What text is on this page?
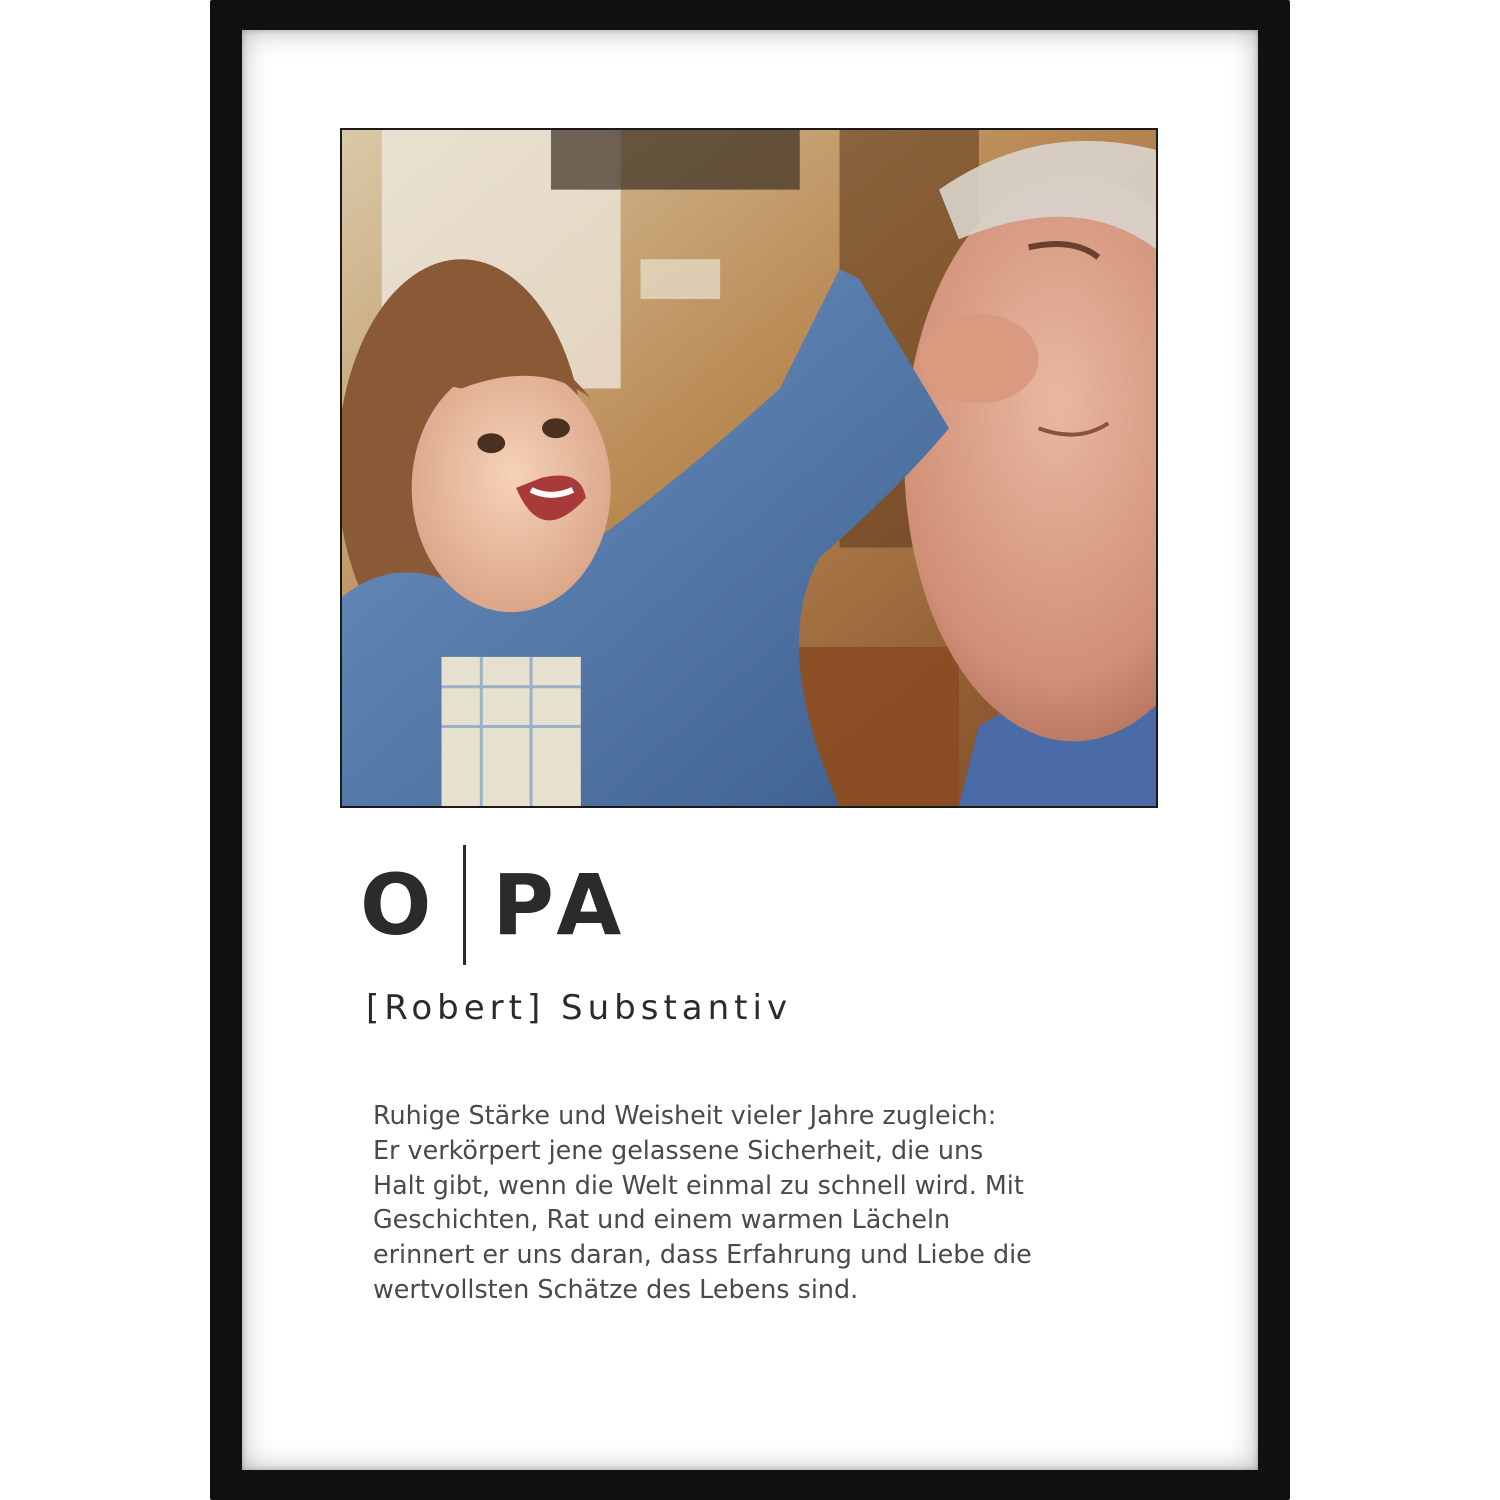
O PA
[Robert] Substantiv
Ruhige Stärke und Weisheit vieler Jahre zugleich:
Er verkörpert jene gelassene Sicherheit, die uns
Halt gibt, wenn die Welt einmal zu schnell wird. Mit
Geschichten, Rat und einem warmen Lächeln
erinnert er uns daran, dass Erfahrung und Liebe die
wertvollsten Schätze des Lebens sind.
